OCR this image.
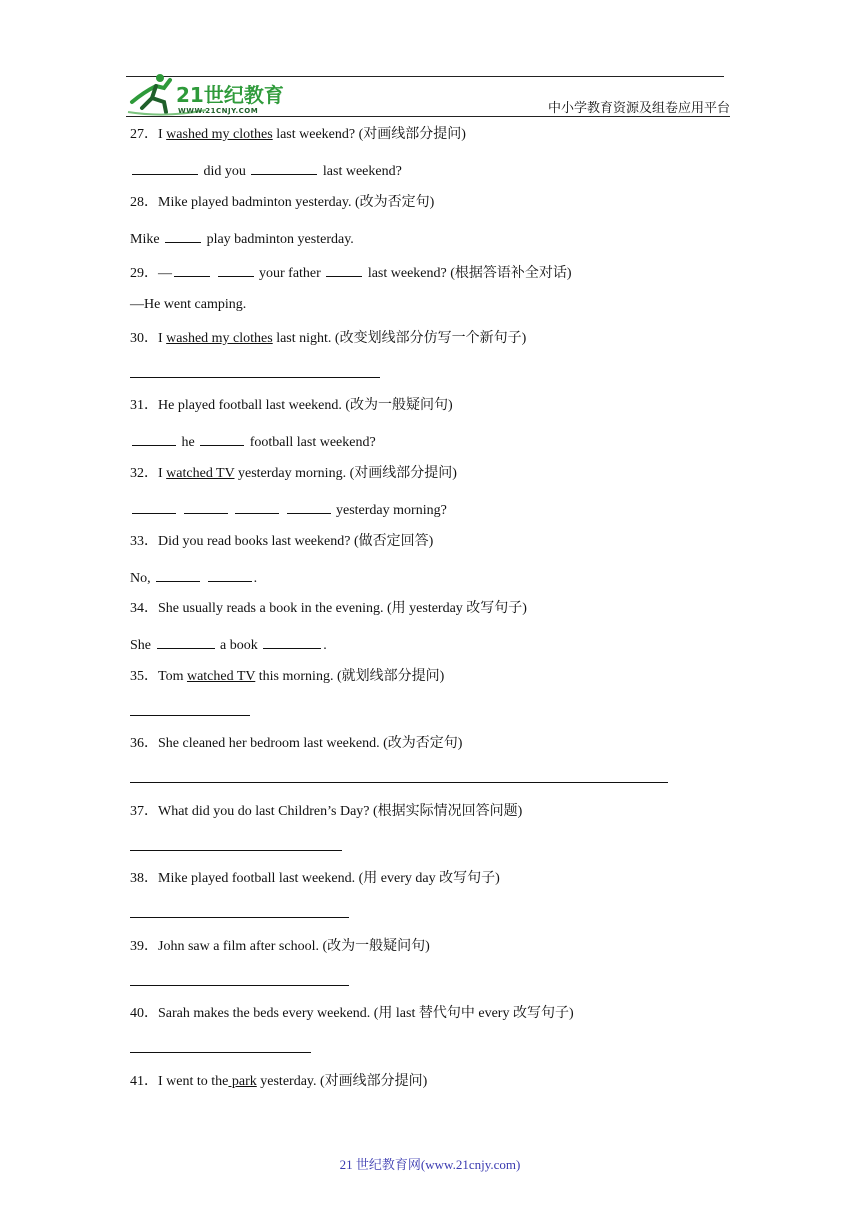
21世纪教育
WWW.21CNJY.COM	中小学教育资源及组卷应用平台
27．I washed my clothes last weekend? (对画线部分提问)
did you	last weekend?
28．Mike played badminton yesterday. (改为否定句)
Mike	play badminton yesterday.
29．—	your father	last weekend? (根据答语补全对话)
—He went camping.
30．I washed my clothes last night. (改变划线部分仿写一个新句子)
31．He played football last weekend. (改为一般疑问句)
he	football last weekend?
32．I watched TV yesterday morning. (对画线部分提问)
yesterday morning?
33．Did you read books last weekend? (做否定回答)
No,	.
34．She usually reads a book in the evening. (用 yesterday 改写句子)
She	a book	.
35．Tom watched TV this morning. (就划线部分提问)
36．She cleaned her bedroom last weekend. (改为否定句)
37．What did you do last Children’s Day? (根据实际情况回答问题)
38．Mike played football last weekend. (用 every day 改写句子)
39．John saw a film after school. (改为一般疑问句)
40．Sarah makes the beds every weekend. (用 last 替代句中 every 改写句子)
41．I went to the park yesterday. (对画线部分提问)
21 世纪教育网(www.21cnjy.com)
